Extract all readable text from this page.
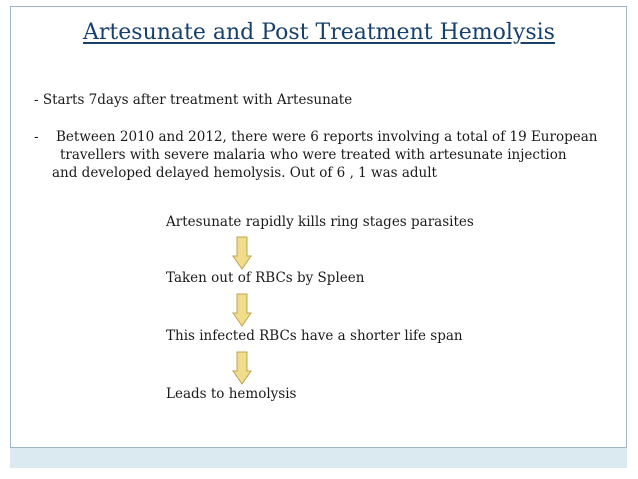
Artesunate and Post Treatment Hemolysis
- Starts 7days after treatment with Artesunate
- Between 2010 and 2012, there were 6 reports involving a total of 19 European
travellers with severe malaria who were treated with artesunate injection
and developed delayed hemolysis. Out of 6 , 1 was adult
Artesunate rapidly kills ring stages parasites
Taken out of RBCs by Spleen
This infected RBCs have a shorter life span
Leads to hemolysis
